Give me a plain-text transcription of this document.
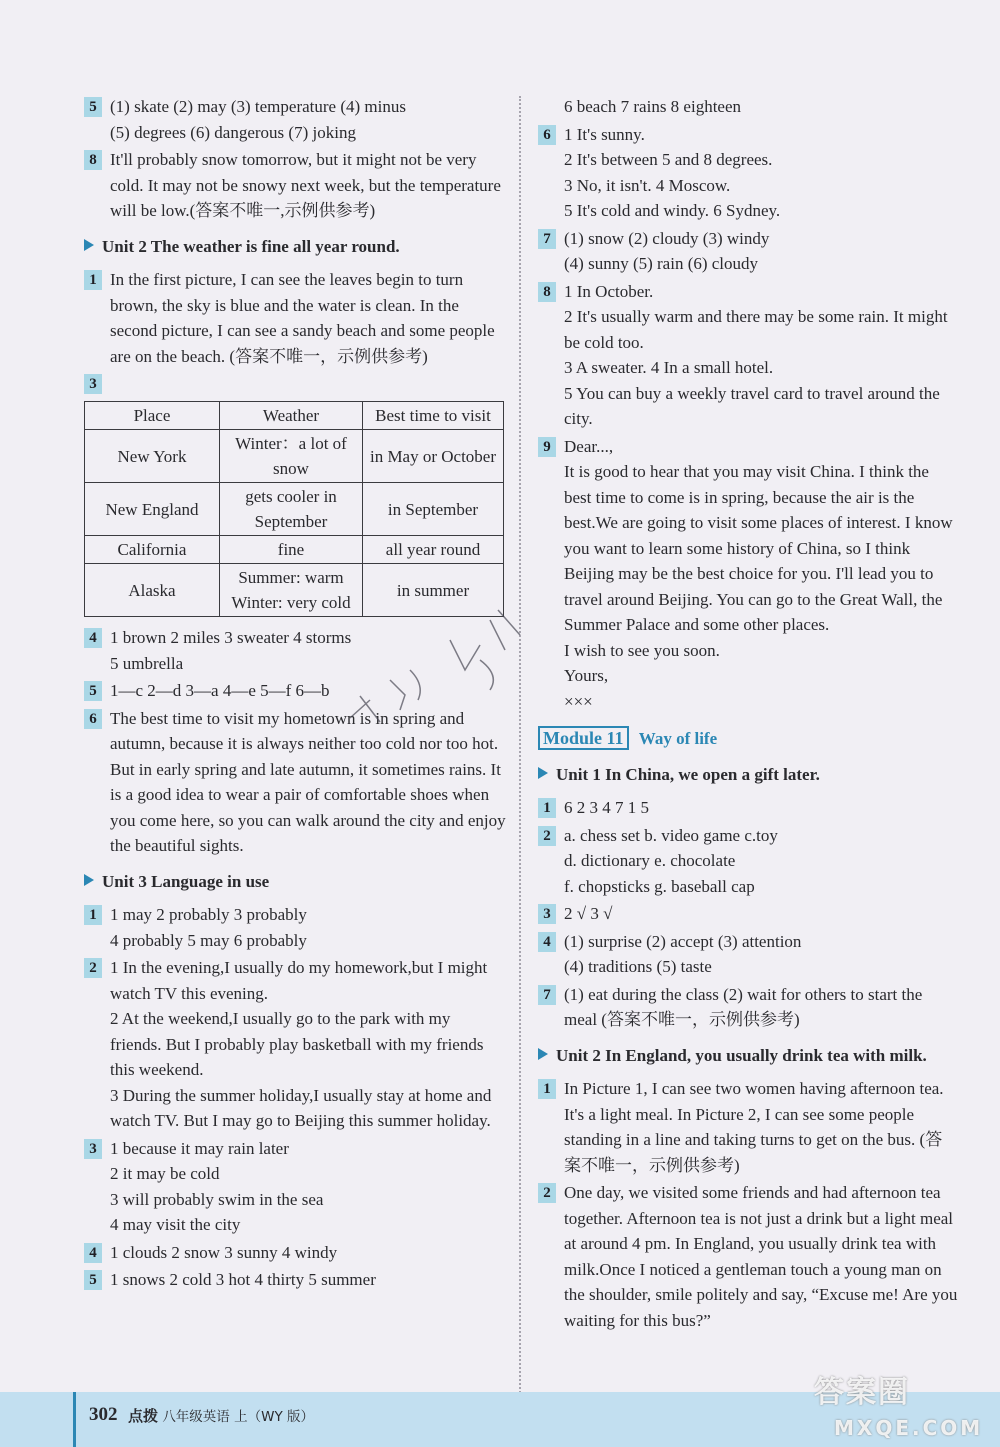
5 (1) skate (2) may (3) temperature (4) minus
(5) degrees (6) dangerous (7) joking
8 It'll probably snow tomorrow, but it might not be very cold. It may not be snowy next week, but the temperature will be low.(答案不唯一,示例供参考)
Unit 2 The weather is fine all year round.
1 In the first picture, I can see the leaves begin to turn brown, the sky is blue and the water is clean. In the second picture, I can see a sandy beach and some people are on the beach. (答案不唯一，示例供参考)
3
Place	Weather	Best time to visit
New York	Winter：a lot of snow	in May or October
New England	gets cooler in September	in September
California	fine	all year round
Alaska	Summer: warm Winter: very cold	in summer
4 1 brown 2 miles 3 sweater 4 storms
5 umbrella
5 1—c 2—d 3—a 4—e 5—f 6—b
6 The best time to visit my hometown is in spring and autumn, because it is always neither too cold nor too hot. But in early spring and late autumn, it sometimes rains. It is a good idea to wear a pair of comfortable shoes when you come here, so you can walk around the city and enjoy the beautiful sights.
Unit 3 Language in use
1 1 may 2 probably 3 probably
4 probably 5 may 6 probably
2 1 In the evening,I usually do my homework,but I might watch TV this evening.
2 At the weekend,I usually go to the park with my friends. But I probably play basketball with my friends this weekend.
3 During the summer holiday,I usually stay at home and watch TV. But I may go to Beijing this summer holiday.
3 1 because it may rain later
2 it may be cold
3 will probably swim in the sea
4 may visit the city
4 1 clouds 2 snow 3 sunny 4 windy
5 1 snows 2 cold 3 hot 4 thirty 5 summer
6 beach 7 rains 8 eighteen
6 1 It's sunny.
2 It's between 5 and 8 degrees.
3 No, it isn't. 4 Moscow.
5 It's cold and windy. 6 Sydney.
7 (1) snow (2) cloudy (3) windy
(4) sunny (5) rain (6) cloudy
8 1 In October.
2 It's usually warm and there may be some rain. It might be cold too.
3 A sweater. 4 In a small hotel.
5 You can buy a weekly travel card to travel around the city.
9 Dear...,
It is good to hear that you may visit China. I think the best time to come is in spring, because the air is the best.We are going to visit some places of interest. I know you want to learn some history of China, so I think Beijing may be the best choice for you. I'll lead you to travel around Beijing. You can go to the Great Wall, the Summer Palace and some other places.
I wish to see you soon.
Yours,
×××
Module 11 Way of life
Unit 1 In China, we open a gift later.
1 6 2 3 4 7 1 5
2 a. chess set b. video game c.toy
d. dictionary e. chocolate
f. chopsticks g. baseball cap
3 2 √ 3 √
4 (1) surprise (2) accept (3) attention
(4) traditions (5) taste
7 (1) eat during the class (2) wait for others to start the meal (答案不唯一，示例供参考)
Unit 2 In England, you usually drink tea with milk.
1 In Picture 1, I can see two women having afternoon tea. It's a light meal. In Picture 2, I can see some people standing in a line and taking turns to get on the bus. (答案不唯一，示例供参考)
2 One day, we visited some friends and had afternoon tea together. Afternoon tea is not just a drink but a light meal at around 4 pm. In England, you usually drink tea with milk.Once I noticed a gentleman touch a young man on the shoulder, smile politely and say, “Excuse me! Are you waiting for this bus?”
302 点拨 八年级英语 上（WY 版）
答案圈
MXQE.COM
